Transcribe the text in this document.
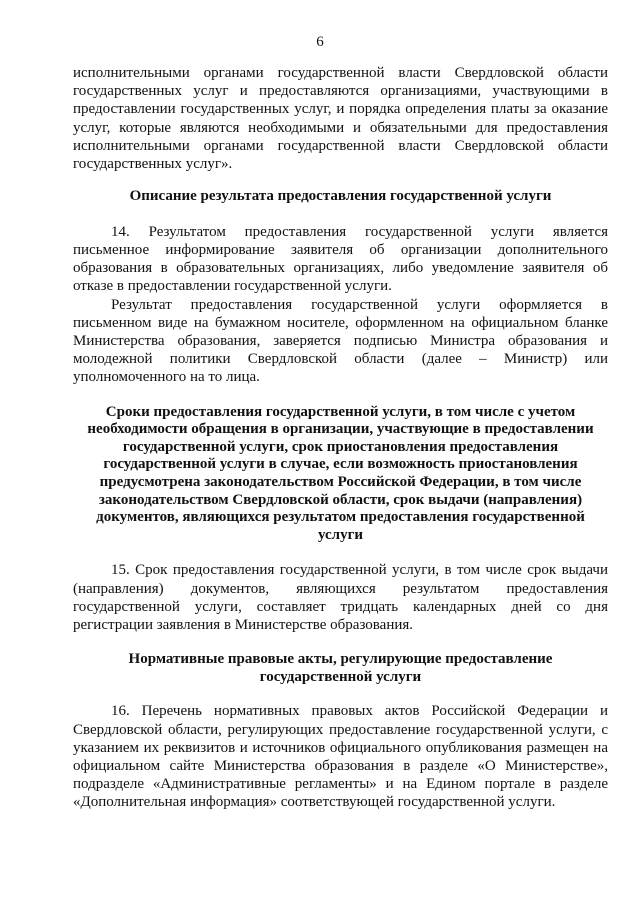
6

исполнительными органами государственной власти Свердловской области государственных услуг и предоставляются организациями, участвующими в предоставлении государственных услуг, и порядка определения платы за оказание услуг, которые являются необходимыми и обязательными для предоставления исполнительными органами государственной власти Свердловской области государственных услуг».

Описание результата предоставления государственной услуги

14. Результатом предоставления государственной услуги является письменное информирование заявителя об организации дополнительного образования в образовательных организациях, либо уведомление заявителя об отказе в предоставлении государственной услуги.

Результат предоставления государственной услуги оформляется в письменном виде на бумажном носителе, оформленном на официальном бланке Министерства образования, заверяется подписью Министра образования и молодежной политики Свердловской области (далее – Министр) или уполномоченного на то лица.

Сроки предоставления государственной услуги, в том числе с учетом необходимости обращения в организации, участвующие в предоставлении государственной услуги, срок приостановления предоставления государственной услуги в случае, если возможность приостановления предусмотрена законодательством Российской Федерации, в том числе законодательством Свердловской области, срок выдачи (направления) документов, являющихся результатом предоставления государственной услуги

15. Срок предоставления государственной услуги, в том числе срок выдачи (направления) документов, являющихся результатом предоставления государственной услуги, составляет тридцать календарных дней со дня регистрации заявления в Министерстве образования.

Нормативные правовые акты, регулирующие предоставление государственной услуги

16. Перечень нормативных правовых актов Российской Федерации и Свердловской области, регулирующих предоставление государственной услуги, с указанием их реквизитов и источников официального опубликования размещен на официальном сайте Министерства образования в разделе «О Министерстве», подразделе «Административные регламенты» и на Едином портале в разделе «Дополнительная информация» соответствующей государственной услуги.
